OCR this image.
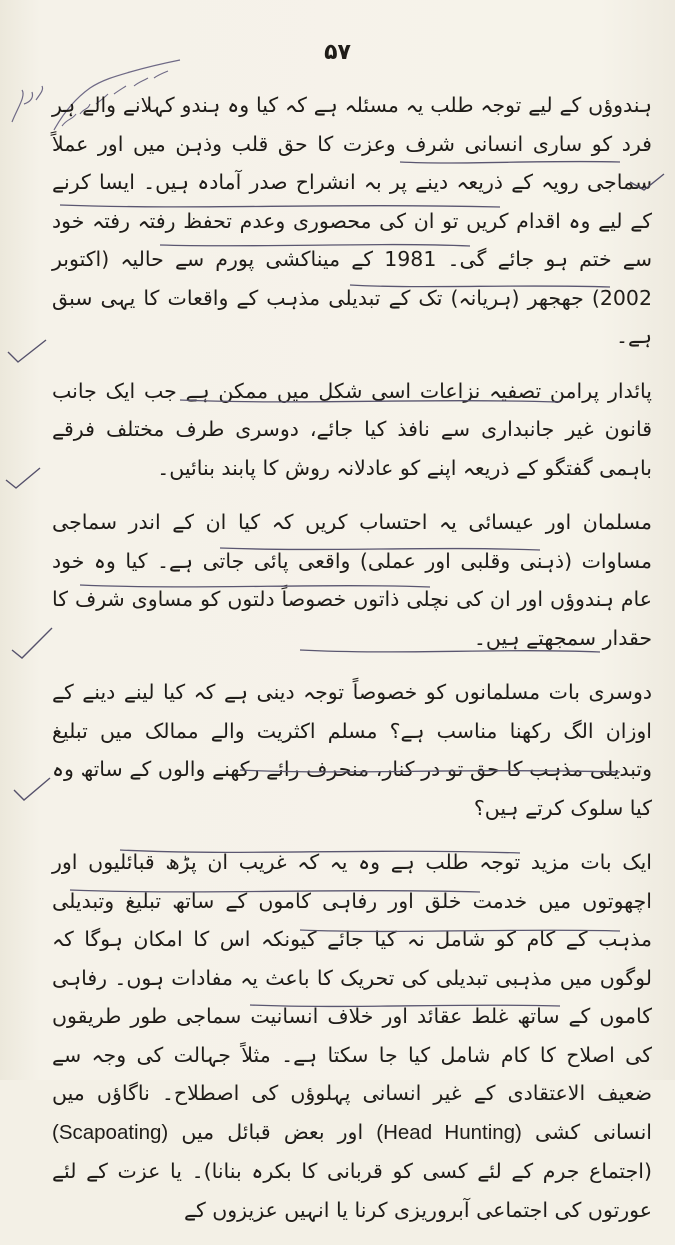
۵۷

ہندوؤں کے لیے توجہ طلب یہ مسئلہ ہے کہ کیا وہ ہندو کہلانے والے ہر فرد کو ساری انسانی شرف وعزت کا حق قلب وذہن میں اور عملاً سماجی رویہ کے ذریعہ دینے پر بہ انشراح صدر آمادہ ہیں۔ ایسا کرنے کے لیے وہ اقدام کریں تو ان کی محصوری وعدم تحفظ رفتہ رفتہ خود سے ختم ہو جائے گی۔ 1981 کے میناکشی پورم سے حالیہ (اکتوبر 2002) جھجھر (ہریانہ) تک کے تبدیلی مذہب کے واقعات کا یہی سبق ہے۔

پائدار پرامن تصفیہ نزاعات اسی شکل میں ممکن ہے جب ایک جانب قانون غیر جانبداری سے نافذ کیا جائے، دوسری طرف مختلف فرقے باہمی گفتگو کے ذریعہ اپنے کو عادلانہ روش کا پابند بنائیں۔

مسلمان اور عیسائی یہ احتساب کریں کہ کیا ان کے اندر سماجی مساوات (ذہنی وقلبی اور عملی) واقعی پائی جاتی ہے۔ کیا وہ خود عام ہندوؤں اور ان کی نچلی ذاتوں خصوصاً دلتوں کو مساوی شرف کا حقدار سمجھتے ہیں۔

دوسری بات مسلمانوں کو خصوصاً توجہ دینی ہے کہ کیا لینے دینے کے اوزان الگ رکھنا مناسب ہے؟ مسلم اکثریت والے ممالک میں تبلیغ وتبدیلی مذہب کا حق تو در کنار، منحرف رائے رکھنے والوں کے ساتھ وہ کیا سلوک کرتے ہیں؟

ایک بات مزید توجہ طلب ہے وہ یہ کہ غریب ان پڑھ قبائلیوں اور اچھوتوں میں خدمت خلق اور رفاہی کاموں کے ساتھ تبلیغ وتبدیلی مذہب کے کام کو شامل نہ کیا جائے کیونکہ اس کا امکان ہوگا کہ لوگوں میں مذہبی تبدیلی کی تحریک کا باعث یہ مفادات ہوں۔ رفاہی کاموں کے ساتھ غلط عقائد اور خلاف انسانیت سماجی طور طریقوں کی اصلاح کا کام شامل کیا جا سکتا ہے۔ مثلاً جہالت کی وجہ سے ضعیف الاعتقادی کے غیر انسانی پہلوؤں کی اصطلاح۔ ناگاؤں میں انسانی کشی (Head Hunting) اور بعض قبائل میں (Scapoating) (اجتماع جرم کے لئے کسی کو قربانی کا بکرہ بنانا)۔ یا عزت کے لئے عورتوں کی اجتماعی آبروریزی کرنا یا انہیں عزیزوں کے
